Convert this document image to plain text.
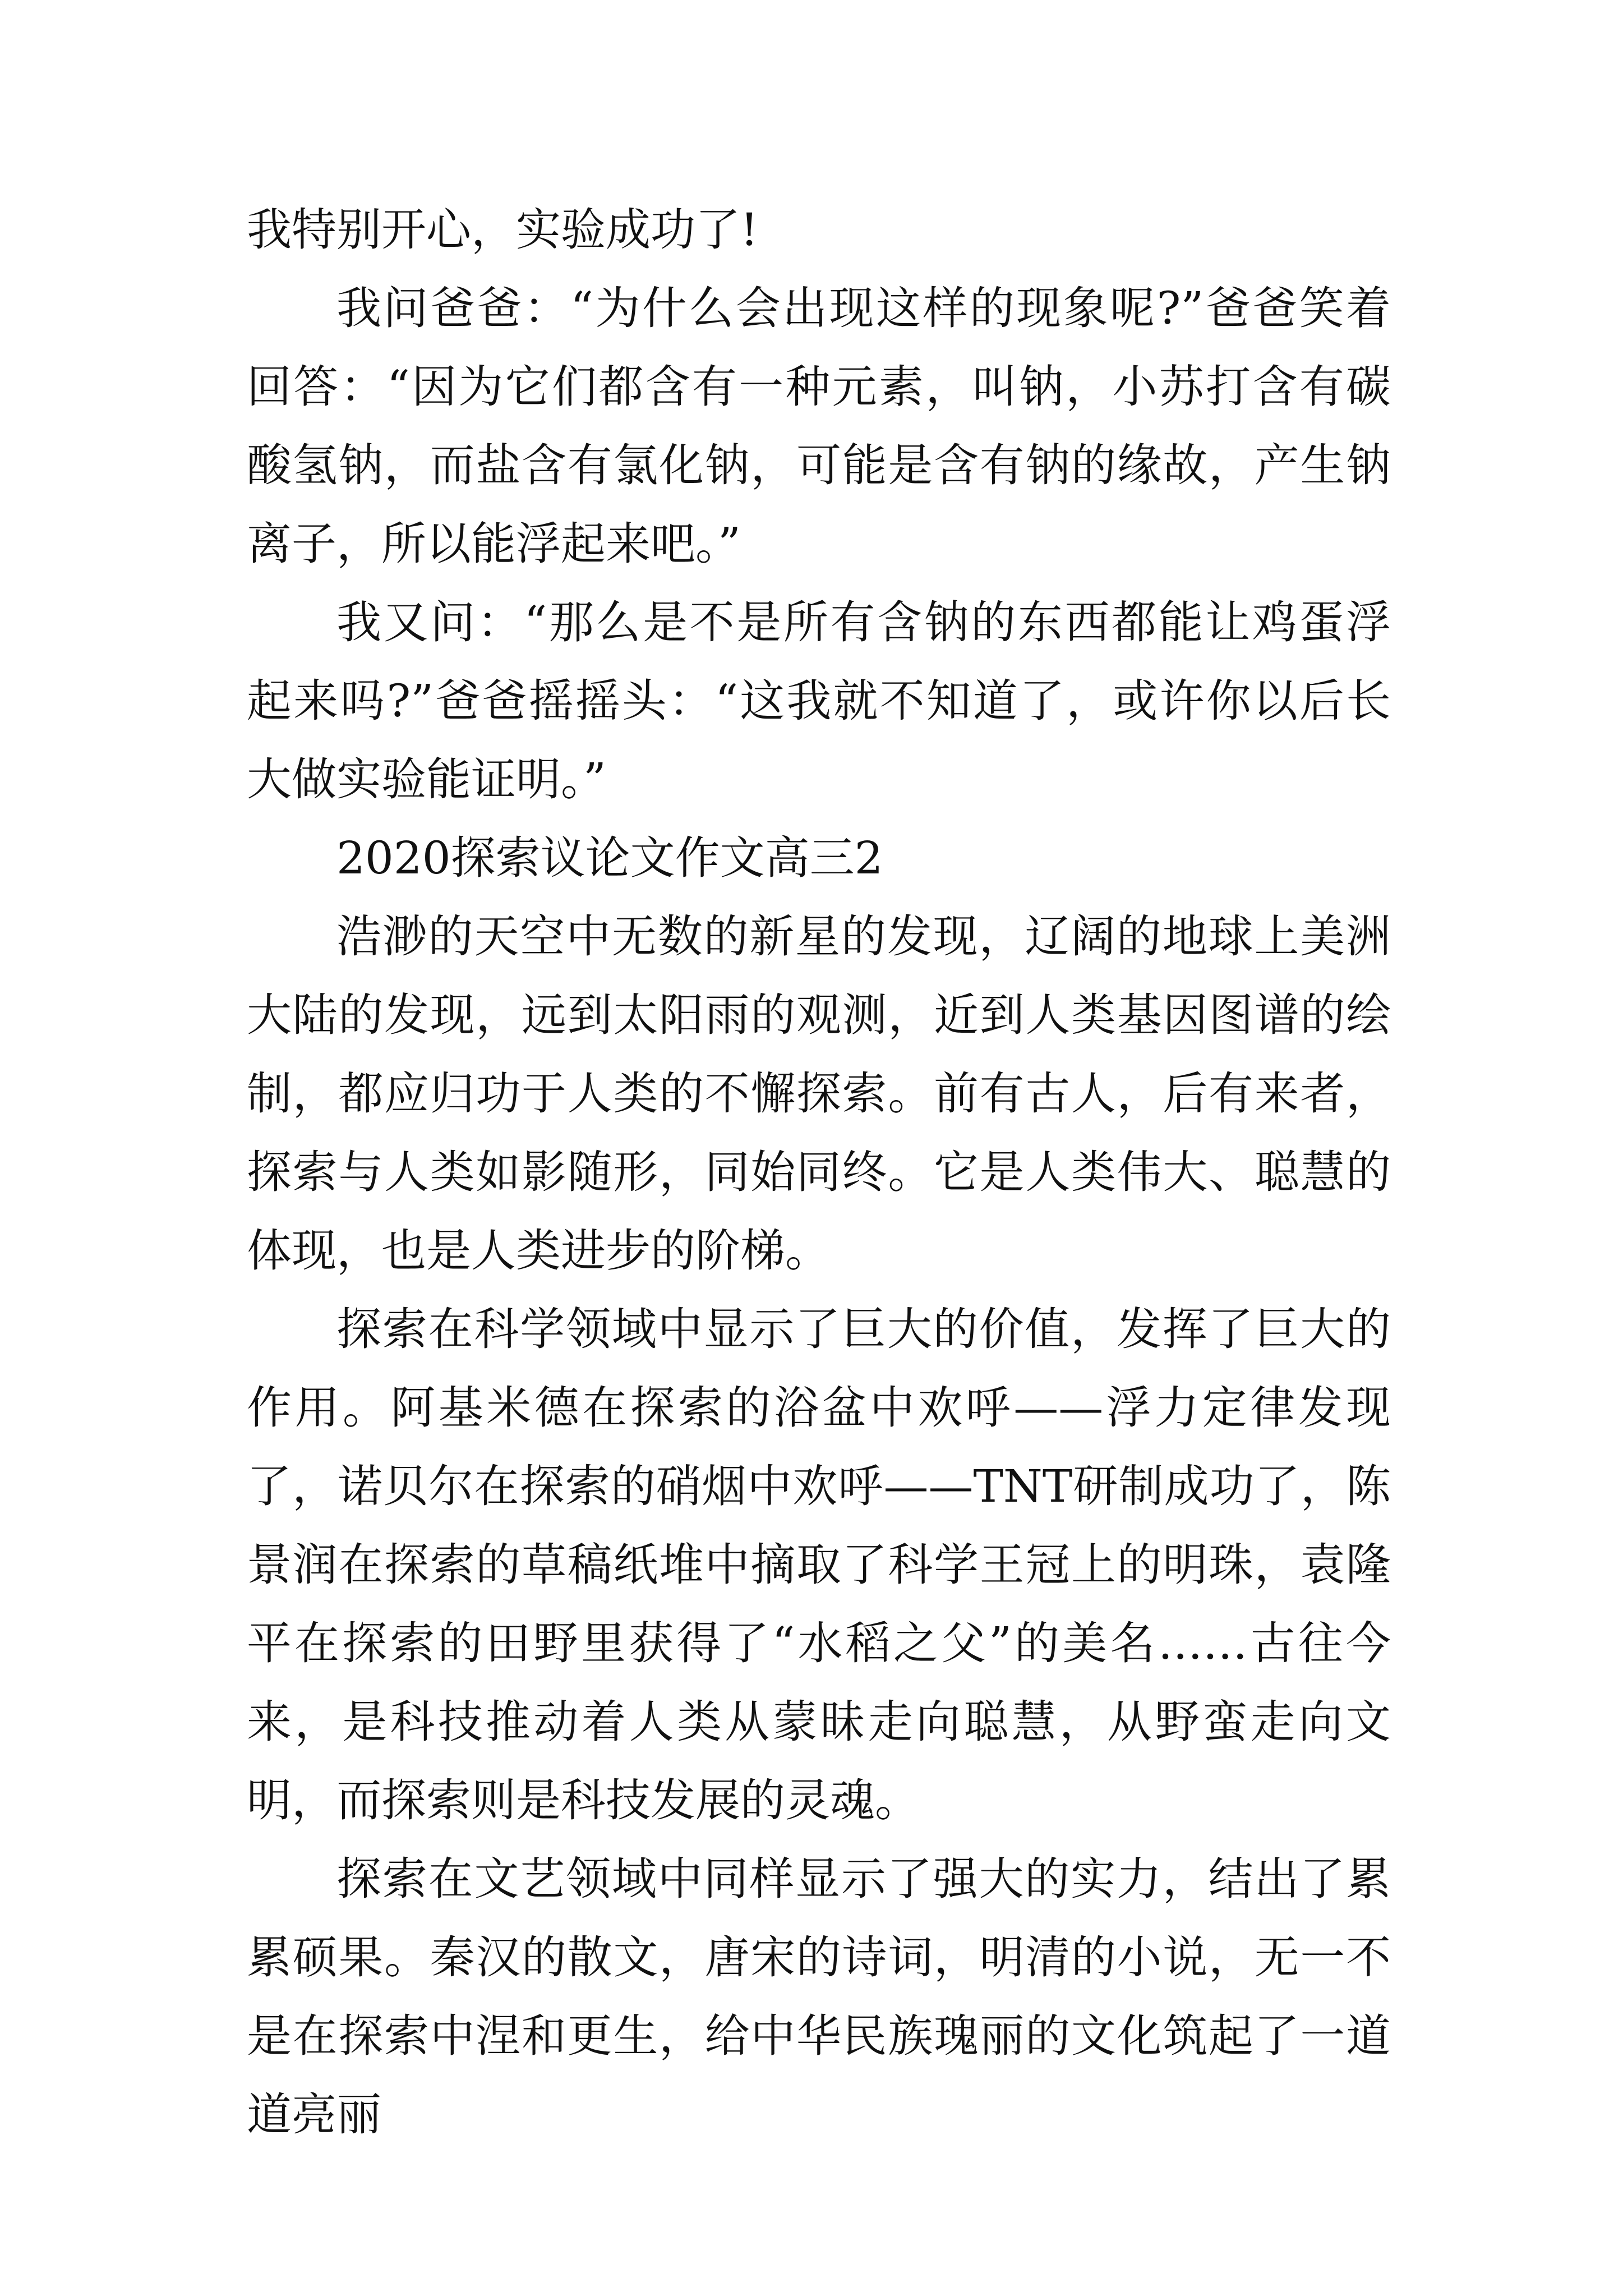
我特别开心，实验成功了!

我问爸爸：“为什么会出现这样的现象呢?”爸爸笑着回答：“因为它们都含有一种元素，叫钠，小苏打含有碳酸氢钠，而盐含有氯化钠，可能是含有钠的缘故，产生钠离子，所以能浮起来吧。”

我又问：“那么是不是所有含钠的东西都能让鸡蛋浮起来吗?”爸爸摇摇头：“这我就不知道了，或许你以后长大做实验能证明。”

2020探索议论文作文高三2

浩渺的天空中无数的新星的发现，辽阔的地球上美洲大陆的发现，远到太阳雨的观测，近到人类基因图谱的绘制，都应归功于人类的不懈探索。前有古人，后有来者，探索与人类如影随形，同始同终。它是人类伟大、聪慧的体现，也是人类进步的阶梯。

探索在科学领域中显示了巨大的价值，发挥了巨大的作用。阿基米德在探索的浴盆中欢呼——浮力定律发现了，诺贝尔在探索的硝烟中欢呼——TNT研制成功了，陈景润在探索的草稿纸堆中摘取了科学王冠上的明珠，袁隆平在探索的田野里获得了“水稻之父”的美名……古往今来，是科技推动着人类从蒙昧走向聪慧，从野蛮走向文明，而探索则是科技发展的灵魂。

探索在文艺领域中同样显示了强大的实力，结出了累累硕果。秦汉的散文，唐宋的诗词，明清的小说，无一不是在探索中涅和更生，给中华民族瑰丽的文化筑起了一道道亮丽
